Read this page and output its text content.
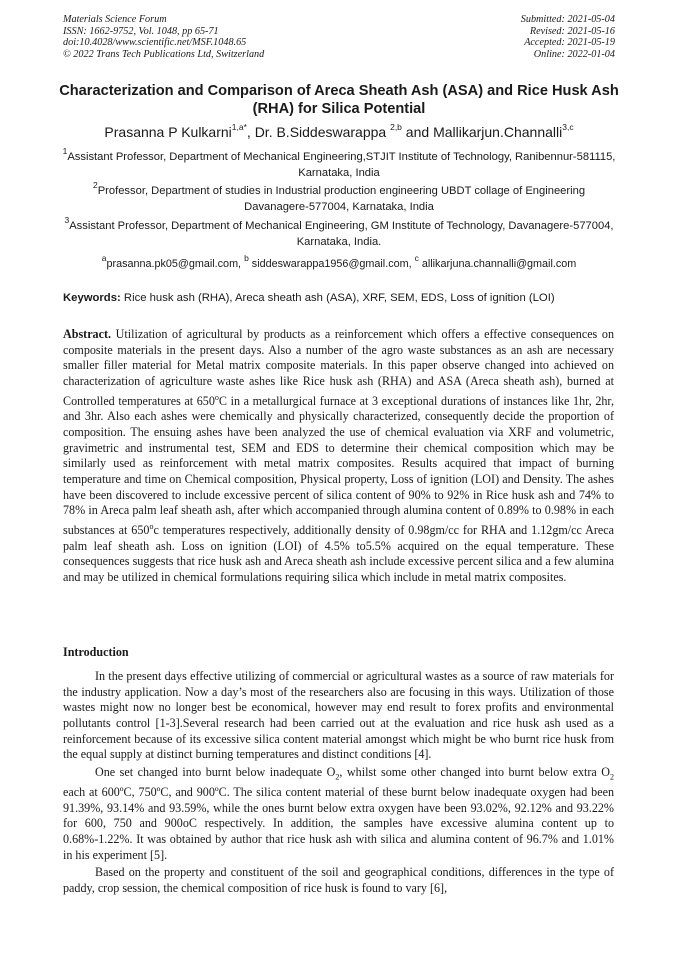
Materials Science Forum
ISSN: 1662-9752, Vol. 1048, pp 65-71
doi:10.4028/www.scientific.net/MSF.1048.65
© 2022 Trans Tech Publications Ltd, Switzerland
Submitted: 2021-05-04
Revised: 2021-05-16
Accepted: 2021-05-19
Online: 2022-01-04
Characterization and Comparison of Areca Sheath Ash (ASA) and Rice Husk Ash (RHA) for Silica Potential
Prasanna P Kulkarni$^{1,a*}$, Dr. B.Siddeswarappa $^{2,b}$ and Mallikarjun.Channalli$^{3,c}$
$^1$Assistant Professor, Department of Mechanical Engineering,STJIT Institute of Technology, Ranibennur-581115, Karnataka, India
$^2$Professor, Department of studies in Industrial production engineering UBDT collage of Engineering Davanagere-577004, Karnataka, India
$^3$Assistant Professor, Department of Mechanical Engineering, GM Institute of Technology, Davanagere-577004, Karnataka, India.
$^a$prasanna.pk05@gmail.com, $^b$ siddeswarappa1956@gmail.com, $^c$ allikarjuna.channalli@gmail.com
Keywords: Rice husk ash (RHA), Areca sheath ash (ASA), XRF, SEM, EDS, Loss of ignition (LOI)

Abstract. Utilization of agricultural by products as a reinforcement which offers a effective consequences on composite materials in the present days. Also a number of the agro waste substances as an ash are necessary smaller filler material for Metal matrix composite materials. In this paper observe changed into achieved on characterization of agriculture waste ashes like Rice husk ash (RHA) and ASA (Areca sheath ash), burned at Controlled temperatures at 650$^o$C in a metallurgical furnace at 3 exceptional durations of instances like 1hr, 2hr, and 3hr. Also each ashes were chemically and physically characterized, consequently decide the proportion of composition. The ensuing ashes have been analyzed the use of chemical evaluation via XRF and volumetric, gravimetric and instrumental test, SEM and EDS to determine their chemical composition which may be similarly used as reinforcement with metal matrix composites. Results acquired that impact of burning temperature and time on Chemical composition, Physical property, Loss of ignition (LOI) and Density. The ashes have been discovered to include excessive percent of silica content of 90% to 92% in Rice husk ash and 74% to 78% in Areca palm leaf sheath ash, after which accompanied through alumina content of 0.89% to 0.98% in each substances at 650$^o$c temperatures respectively, additionally density of 0.98gm/cc for RHA and 1.12gm/cc Areca palm leaf sheath ash. Loss on ignition (LOI) of 4.5% to5.5% acquired on the equal temperature. These consequences suggests that rice husk ash and Areca sheath ash include excessive percent silica and a few alumina and may be utilized in chemical formulations requiring silica which include in metal matrix composites.

Introduction

In the present days effective utilizing of commercial or agricultural wastes as a source of raw materials for the industry application. Now a day’s most of the researchers also are focusing in this ways. Utilization of those wastes might now no longer best be economical, however may end result to forex profits and environmental pollutants control [1-3].Several research had been carried out at the evaluation and rice husk ash used as a reinforcement because of its excessive silica content material amongst which might be who burnt rice husk from the equal supply at distinct burning temperatures and distinct conditions [4].

One set changed into burnt below inadequate $O_2$, whilst some other changed into burnt below extra $O_2$ each at 600ºC, 750ºC, and 900ºC. The silica content material of these burnt below inadequate oxygen had been 91.39%, 93.14% and 93.59%, while the ones burnt below extra oxygen have been 93.02%, 92.12% and 93.22% for 600, 750 and 900oC respectively. In addition, the samples have excessive alumina content up to 0.68%-1.22%. It was obtained by author that rice husk ash with silica and alumina content of 96.7% and 1.01% in his experiment [5].

Based on the property and constituent of the soil and geographical conditions, differences in the type of paddy, crop session, the chemical composition of rice husk is found to vary [6],
